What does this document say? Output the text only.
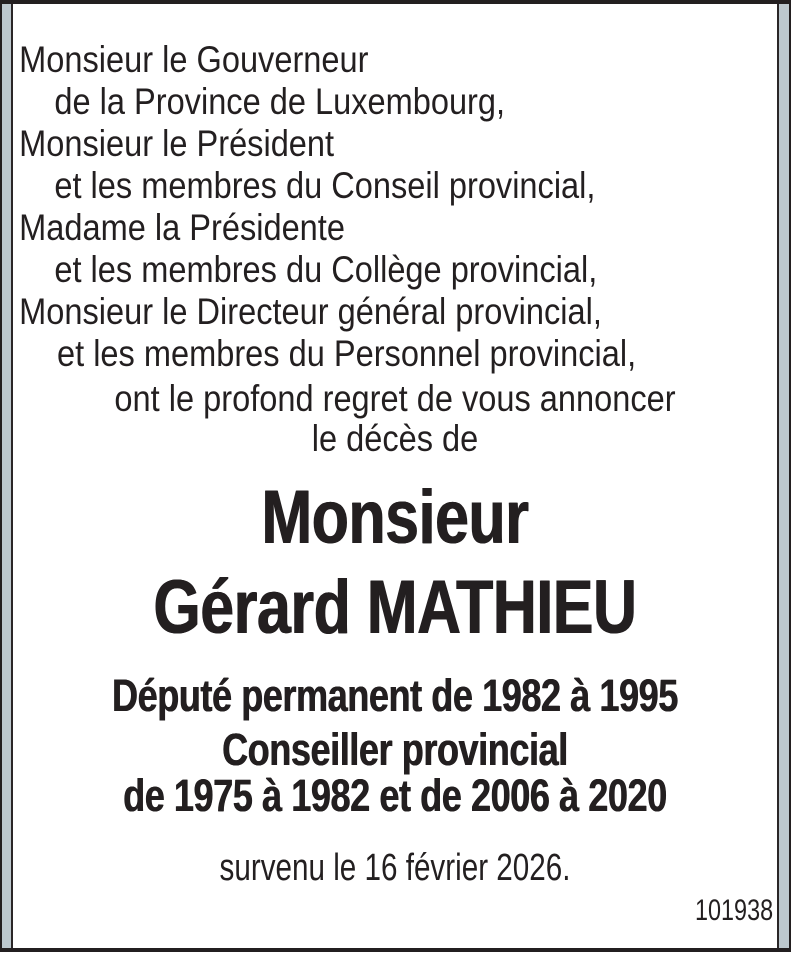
Monsieur le Gouverneur
de la Province de Luxembourg,
Monsieur le Président
et les membres du Conseil provincial,
Madame la Présidente
et les membres du Collège provincial,
Monsieur le Directeur général provincial,
et les membres du Personnel provincial,
ont le profond regret de vous annoncer
le décès de
Monsieur
Gérard MATHIEU
Député permanent de 1982 à 1995
Conseiller provincial
de 1975 à 1982 et de 2006 à 2020
survenu le 16 février 2026.
101938
